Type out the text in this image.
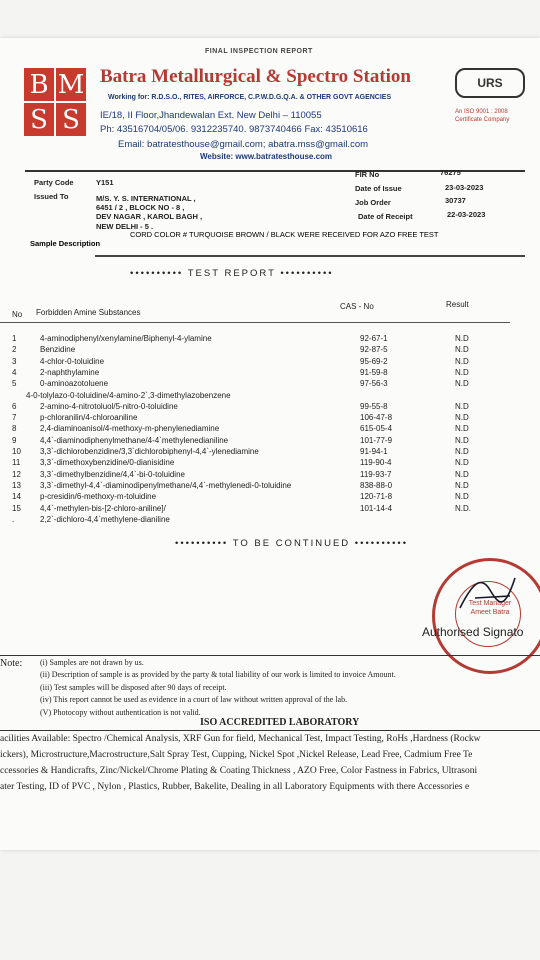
FINAL INSPECTION REPORT
B M
S S
Batra Metallurgical & Spectro Station
Working for: R.D.S.O., RITES, AIRFORCE, C.P.W.D.G.Q.A. & OTHER GOVT AGENCIES
IE/18, II Floor,Jhandewalan Ext. New Delhi – 110055
Ph: 43516704/05/06. 9312235740. 9873740466 Fax: 43510616
Email: batratesthouse@gmail.com; abatra.mss@gmail.com
Website: www.batratesthouse.com
URS
An ISO 9001 : 2008 Certificate Company
Party Code	Y151
Issued To	M/S. Y. S. INTERNATIONAL ,
6451 / 2 , BLOCK NO - 8 ,
DEV NAGAR , KAROL BAGH ,
NEW DELHI - 5 .
FIR No	76275
Date of Issue	23-03-2023
Job Order	30737
Date of Receipt	22-03-2023
Sample Description
CORD COLOR # TURQUOISE BROWN / BLACK WERE RECEIVED FOR AZO FREE TEST
•••••••••• TEST REPORT ••••••••••
No Forbidden Amine Substances
CAS - No	Result
1	4-aminodiphenyl/xenylamine/Biphenyl-4-ylamine	92-67-1	N.D
2	Benzidine	92-87-5	N.D
3	4-chlor-0-toluidine	95-69-2	N.D
4	2-naphthylamine	91-59-8	N.D
5	0-aminoazotoluene	97-56-3	N.D
4-0-tolylazo-0-toluidine/4-amino-2`,3-dimethylazobenzene
6	2-amino-4-nitrotoluol/5-nitro-0-toluidine	99-55-8	N.D
7	p-chloranilin/4-chloroaniline	106-47-8	N.D
8	2,4-diaminoanisol/4-methoxy-m-phenylenediamine	615-05-4	N.D
9	4,4`-diaminodiphenylmethane/4-4`methylenedianiline	101-77-9	N.D
10 3,3`-dichlorobenzidine/3,3`dichlorobiphenyl-4,4`-ylenediamine	91-94-1	N.D
11 3,3`-dimethoxybenzidine/0-dianisidine	119-90-4	N.D
12 3,3`-dimethylbenzidine/4,4`-bi-0-toluidine	119-93-7	N.D
13 3,3`-dimethyl-4,4`-diaminodipenylmethane/4,4`-methylenedi-0-toluidine	838-88-0	N.D
14 p-cresidin/6-methoxy-m-toluidine	120-71-8	N.D
15 4,4`-methylen-bis-[2-chloro-aniline]/	101-14-4	N.D.
.	2,2`-dichloro-4,4`methylene-dianiline
•••••••••• TO BE CONTINUED ••••••••••
Test Manager
Ameet Batra
Authorised Signato
Note: (i) Samples are not drawn by us.
(ii) Description of sample is as provided by the party & total liability of our work is limited to invoice Amount.
(iii) Test samples will be disposed after 90 days of receipt.
(iv) This report cannot be used as evidence in a court of law without written approval of the lab.
(V) Photocopy without authentication is not valid.
ISO ACCREDITED LABORATORY
acilities Available: Spectro /Chemical Analysis, XRF Gun for field, Mechanical Test, Impact Testing, RoHs ,Hardness (Rockw
ickers), Microstructure,Macrostructure,Salt Spray Test, Cupping, Nickel Spot ,Nickel Release, Lead Free, Cadmium Free Te
ccessories & Handicrafts, Zinc/Nickel/Chrome Plating & Coating Thickness , AZO Free, Color Fastness in Fabrics, Ultrasoni
ater Testing, ID of PVC , Nylon , Plastics, Rubber, Bakelite, Dealing in all Laboratory Equipments with there Accessories e
